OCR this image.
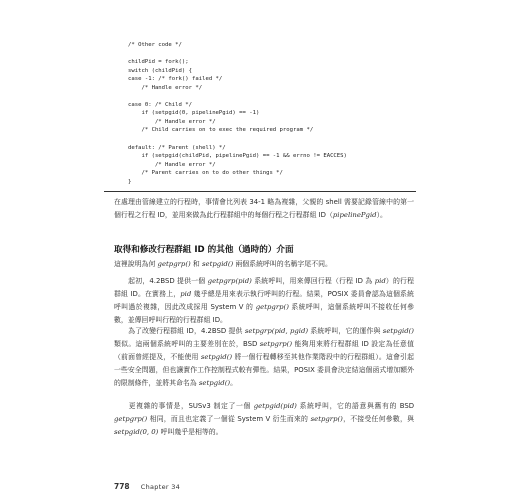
/* Other code */
childPid = fork();
switch (childPid) {
case -1: /* fork() failed */
/* Handle error */
case 0: /* Child */
if (setpgid(0, pipelinePgid) == -1)
/* Handle error */
/* Child carries on to exec the required program */
default: /* Parent (shell) */
if (setpgid(childPid, pipelinePgid) == -1 && errno != EACCES)
/* Handle error */
/* Parent carries on to do other things */
}

在處理由管線建立的行程時，事情會比列表 34-1 略為複雜，父親的 shell 需要記錄管線中的第一個行程之行程 ID，並用來做為此行程群組中的每個行程之行程群組 ID（pipelinePgid）。

取得和修改行程群組 ID 的其他（過時的）介面

這裡說明為何 getpgrp() 和 setpgid() 兩個系統呼叫的名稱字尾不同。

起初，4.2BSD 提供一個 getpgrp(pid) 系統呼叫，用來傳回行程（行程 ID 為 pid）的行程群組 ID。在實務上，pid 幾乎總是用來表示執行呼叫的行程。結果，POSIX 委員會認為這個系統呼叫過於複雜，因此改成採用 System V 的 getpgrp() 系統呼叫，這個系統呼叫不接收任何參數，並傳回呼叫行程的行程群組 ID。

為了改變行程群組 ID，4.2BSD 提供 setpgrp(pid, pgid) 系統呼叫，它的運作與 setpgid() 類似。這兩個系統呼叫的主要差別在於，BSD setpgrp() 能夠用來將行程群組 ID 設定為任意值（前面曾經提及，不能使用 setpgid() 將一個行程轉移至其他作業階段中的行程群組）。這會引起一些安全問題，但也讓實作工作控制程式較有彈性。結果，POSIX 委員會決定結這個函式增加額外的限制條件，並將其命名為 setpgid()。

更複雜的事情是，SUSv3 制定了一個 getpgid(pid) 系統呼叫，它的語意與舊有的 BSD getpgrp() 相同，而且也定義了一個從 System V 衍生而來的 setpgrp()，不接受任何參數，與 setpgid(0, 0) 呼叫幾乎是相等的。

778 Chapter 34
